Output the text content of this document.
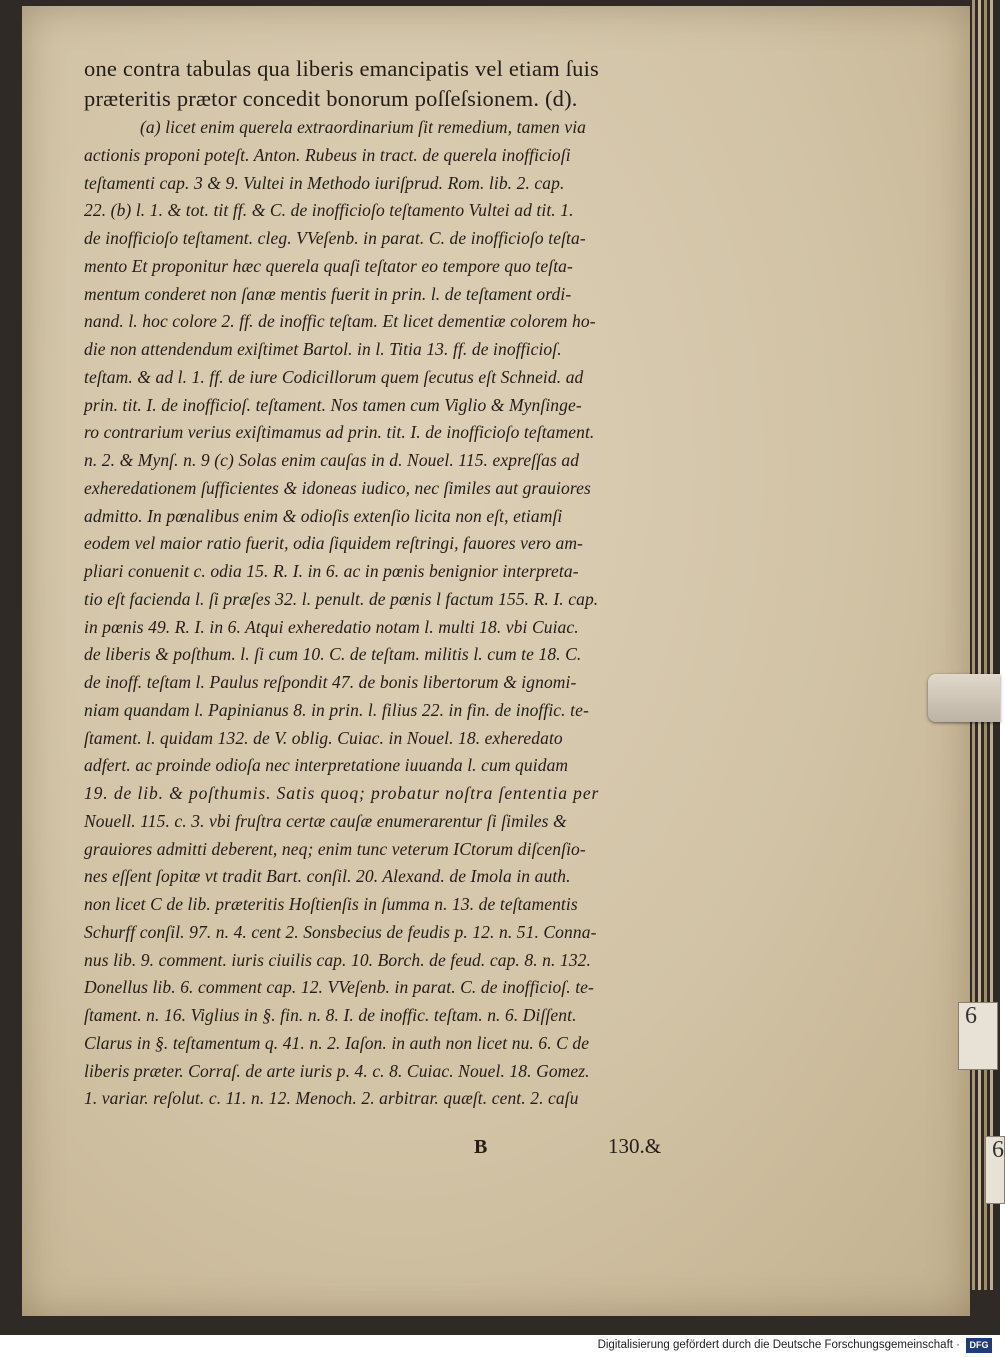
one contra tabulas qua liberis emancipatis vel etiam ſuis
prӕteritis prӕtor concedit bonorum poſſeſsionem. (d).
(a) licet enim querela extraordinarium ſit remedium, tamen via
actionis proponi poteſt. Anton. Rubeus in tract. de querela inofficioſi
teſtamenti cap. 3 & 9. Vultei in Methodo iuriſprud. Rom. lib. 2. cap.
22. (b) l. 1. & tot. tit ff. & C. de inofficioſo teſtamento Vultei ad tit. 1.
de inofficioſo teſtament. cleg. VVeſenb. in parat. C. de inofficioſo teſta-
mento Et proponitur hӕc querela quaſi teſtator eo tempore quo teſta-
mentum conderet non ſanӕ mentis fuerit in prin. l. de teſtament ordi-
nand. l. hoc colore 2. ff. de inoffic teſtam. Et licet dementiӕ colorem ho-
die non attendendum exiſtimet Bartol. in l. Titia 13. ff. de inofficioſ.
teſtam. & ad l. 1. ff. de iure Codicillorum quem ſecutus eſt Schneid. ad
prin. tit. I. de inofficioſ. teſtament. Nos tamen cum Viglio & Mynſinge-
ro contrarium verius exiſtimamus ad prin. tit. I. de inofficioſo teſtament.
n. 2. & Mynſ. n. 9 (c) Solas enim cauſas in d. Nouel. 115. expreſſas ad
exheredationem ſufficientes & idoneas iudico, nec ſimiles aut grauiores
admitto. In pœnalibus enim & odioſis extenſio licita non eſt, etiamſi
eodem vel maior ratio fuerit, odia ſiquidem reſtringi, fauores vero am-
pliari conuenit c. odia 15. R. I. in 6. ac in pœnis benignior interpreta-
tio eſt facienda l. ſi prӕſes 32. l. penult. de pœnis l factum 155. R. I. cap.
in pœnis 49. R. I. in 6. Atqui exheredatio notam l. multi 18. vbi Cuiac.
de liberis & poſthum. l. ſi cum 10. C. de teſtam. militis l. cum te 18. C.
de inoff. teſtam l. Paulus reſpondit 47. de bonis libertorum & ignomi-
niam quandam l. Papinianus 8. in prin. l. filius 22. in fin. de inoffic. te-
ſtament. l. quidam 132. de V. oblig. Cuiac. in Nouel. 18. exheredato
adfert. ac proinde odioſa nec interpretatione iuuanda l. cum quidam
19. de lib. & poſthumis. Satis quoq; probatur noſtra ſententia per
Nouell. 115. c. 3. vbi fruſtra certӕ cauſӕ enumerarentur ſi ſimiles &
grauiores admitti deberent, neq; enim tunc veterum ICtorum diſcenſio-
nes eſſent ſopitӕ vt tradit Bart. conſil. 20. Alexand. de Imola in auth.
non licet C de lib. prӕteritis Hoſtienſis in ſumma n. 13. de teſtamentis
Schurff conſil. 97. n. 4. cent 2. Sonsbecius de feudis p. 12. n. 51. Conna-
nus lib. 9. comment. iuris ciuilis cap. 10. Borch. de feud. cap. 8. n. 132.
Donellus lib. 6. comment cap. 12. VVeſenb. in parat. C. de inofficioſ. te-
ſtament. n. 16. Viglius in §. fin. n. 8. I. de inoffic. teſtam. n. 6. Diſſent.
Clarus in §. teſtamentum q. 41. n. 2. Iaſon. in auth non licet nu. 6. C de
liberis prӕter. Corraſ. de arte iuris p. 4. c. 8. Cuiac. Nouel. 18. Gomez.
1. variar. reſolut. c. 11. n. 12. Menoch. 2. arbitrar. quӕſt. cent. 2. caſu
B	130.&
6
6
Digitalisierung gefördert durch die Deutsche Forschungsgemeinschaft ·	DFG
